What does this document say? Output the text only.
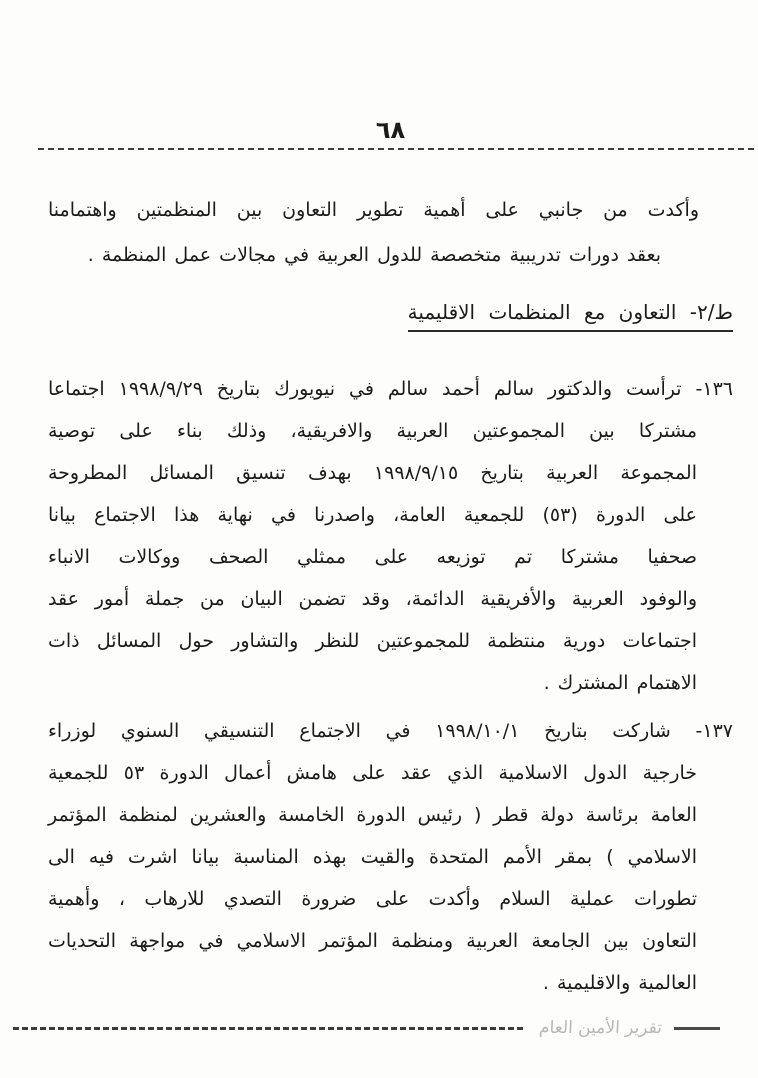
٦٨
وأكدت من جانبي على أهمية تطوير التعاون بين المنظمتين واهتمامنا
بعقد دورات تدريبية متخصصة للدول العربية في مجالات عمل المنظمة .
ط/٢- التعاون مع المنظمات الاقليمية
١٣٦- ترأست والدكتور سالم أحمد سالم في نيويورك بتاريخ ١٩٩٨/٩/٢٩ اجتماعا
مشتركا بين المجموعتين العربية والافريقية، وذلك بناء على توصية
المجموعة العربية بتاريخ ١٩٩٨/٩/١٥ بهدف تنسيق المسائل المطروحة
على الدورة (٥٣) للجمعية العامة، واصدرنا في نهاية هذا الاجتماع بيانا
صحفيا مشتركا تم توزيعه على ممثلي الصحف ووكالات الانباء
والوفود العربية والأفريقية الدائمة، وقد تضمن البيان من جملة أمور عقد
اجتماعات دورية منتظمة للمجموعتين للنظر والتشاور حول المسائل ذات
الاهتمام المشترك .
١٣٧- شاركت بتاريخ ١٩٩٨/١٠/١ في الاجتماع التنسيقي السنوي لوزراء
خارجية الدول الاسلامية الذي عقد على هامش أعمال الدورة ٥٣ للجمعية
العامة برئاسة دولة قطر ( رئيس الدورة الخامسة والعشرين لمنظمة المؤتمر
الاسلامي ) بمقر الأمم المتحدة والقيت بهذه المناسبة بيانا اشرت فيه الى
تطورات عملية السلام وأكدت على ضرورة التصدي للارهاب ، وأهمية
التعاون بين الجامعة العربية ومنظمة المؤتمر الاسلامي في مواجهة التحديات
العالمية والاقليمية .
تقرير الأمين العام
